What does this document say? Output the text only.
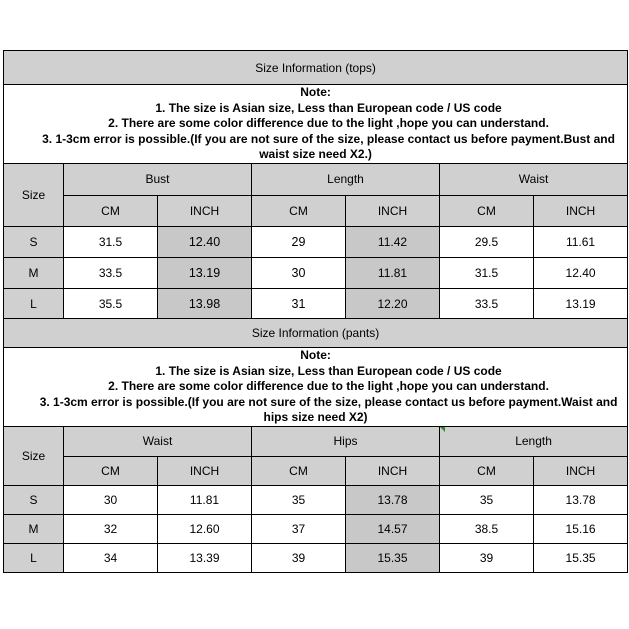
Size Information (tops)						

Note:
1. The size is Asian size, Less than European code / US code
2. There are some color difference due to the light ,hope you can understand.
3. 1-3cm error is possible.(If you are not sure of the size, please contact us before payment.Bust and waist size need X2.)						

Size	Bust		Length		Waist	
	CM	INCH	CM	INCH	CM	INCH
S	31.5	12.40	29	11.42	29.5	11.61
M	33.5	13.19	30	11.81	31.5	12.40
L	35.5	13.98	31	12.20	33.5	13.19
Size Information (pants)						

Note:
1. The size is Asian size, Less than European code / US code
2. There are some color difference due to the light ,hope you can understand.
3. 1-3cm error is possible.(If you are not sure of the size, please contact us before payment.Waist and hips size need X2)						

Size	Waist		Hips		Length	
	CM	INCH	CM	INCH	CM	INCH
S	30	11.81	35	13.78	35	13.78
M	32	12.60	37	14.57	38.5	15.16
L	34	13.39	39	15.35	39	15.35
